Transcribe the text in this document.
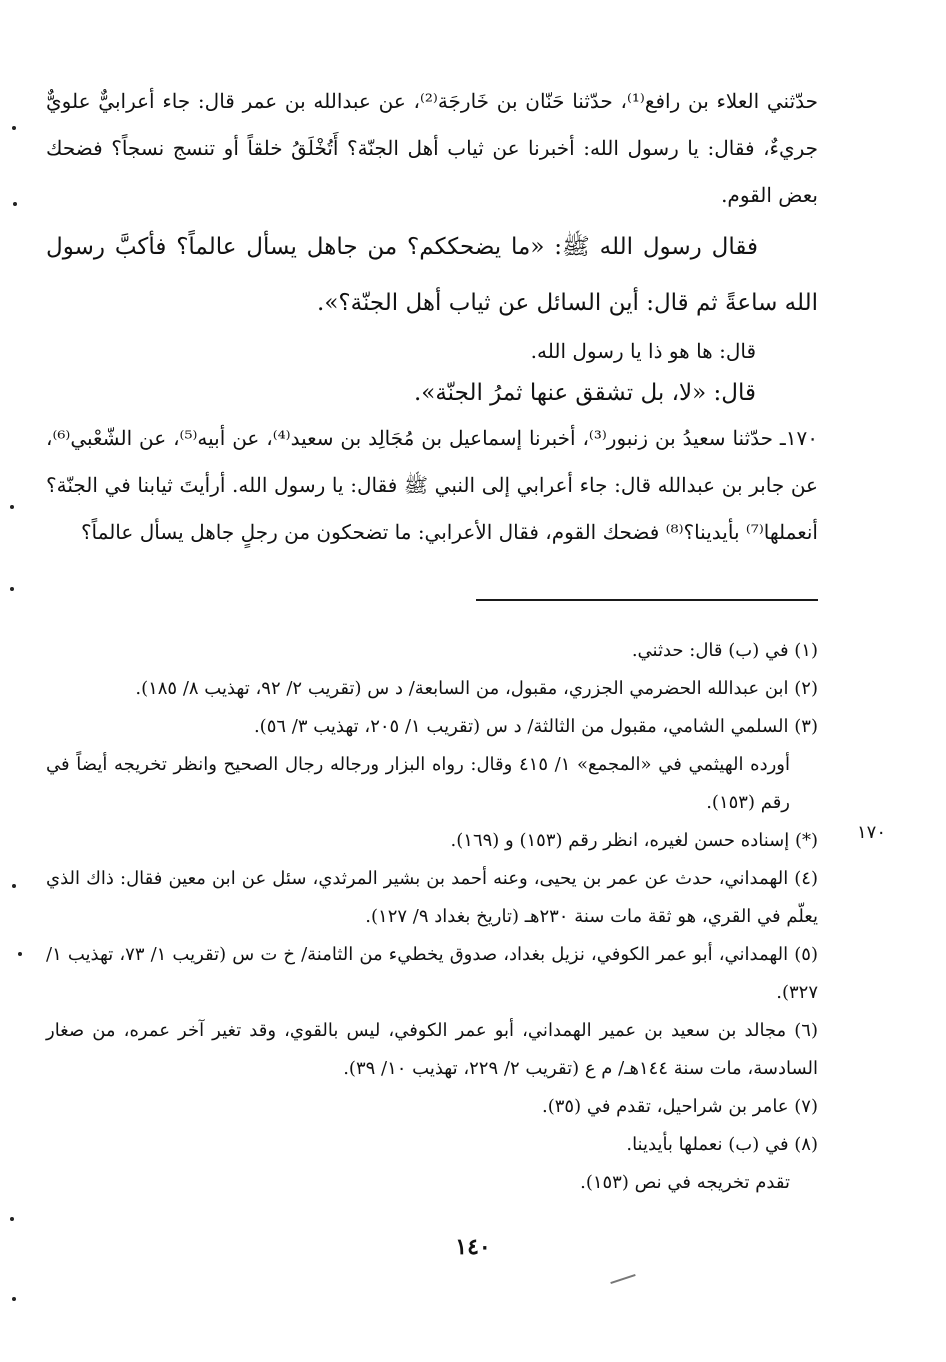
حدّثني العلاء بن رافع⁽¹⁾، حدّثنا حَنّان بن خَارجَة⁽²⁾، عن عبدالله بن عمر قال: جاء أعرابيٌّ علويٌّ جريءٌ، فقال: يا رسول الله: أخبرنا عن ثياب أهل الجنّة؟ أَتُخْلَقُ خلقاً أو تنسج نسجاً؟ فضحك بعض القوم.

فقال رسول الله ﷺ: «ما يضحككم؟ من جاهل يسأل عالماً؟ فأكبَّ رسول الله ساعةً ثم قال: أين السائل عن ثياب أهل الجنّة؟».

قال: ها هو ذا يا رسول الله.

قال: «لا، بل تشقق عنها ثمرُ الجنّة».

١٧٠ـ حدّثنا سعيدُ بن زنبور⁽³⁾، أخبرنا إسماعيل بن مُجَالِد بن سعيد⁽⁴⁾، عن أبيه⁽⁵⁾، عن الشّعْبي⁽⁶⁾، عن جابر بن عبدالله قال: جاء أعرابي إلى النبي ﷺ فقال: يا رسول الله. أرأيتَ ثيابنا في الجنّة؟ أنعملها⁽⁷⁾ بأيدينا؟⁽⁸⁾ فضحك القوم، فقال الأعرابي: ما تضحكون من رجلٍ جاهل يسأل عالماً؟

(١) في (ب) قال: حدثني.

(٢) ابن عبدالله الحضرمي الجزري، مقبول، من السابعة/ د س (تقريب ٢/ ٩٢، تهذيب ٨/ ١٨٥).

(٣) السلمي الشامي، مقبول من الثالثة/ د س (تقريب ١/ ٢٠٥، تهذيب ٣/ ٥٦).

أورده الهيثمي في «المجمع» ١/ ٤١٥ وقال: رواه البزار ورجاله رجال الصحيح وانظر تخريجه أيضاً في رقم (١٥٣).

(*) إسناده حسن لغيره، انظر رقم (١٥٣) و (١٦٩).

(٤) الهمداني، حدث عن عمر بن يحيى، وعنه أحمد بن بشير المرثدي، سئل عن ابن معين فقال: ذاك الذي يعلّم في القري، هو ثقة مات سنة ٢٣٠هـ (تاريخ بغداد ٩/ ١٢٧).

(٥) الهمداني، أبو عمر الكوفي، نزيل بغداد، صدوق يخطيء من الثامنة/ خ ت س (تقريب ١/ ٧٣، تهذيب ١/ ٣٢٧).

(٦) مجالد بن سعيد بن عمير الهمداني، أبو عمر الكوفي، ليس بالقوي، وقد تغير آخر عمره، من صغار السادسة، مات سنة ١٤٤هـ/ م ع (تقريب ٢/ ٢٢٩، تهذيب ١٠/ ٣٩).

(٧) عامر بن شراحيل، تقدم في (٣٥).

(٨) في (ب) نعملها بأيدينا.

تقدم تخريجه في نص (١٥٣).

١٧٠
١٤٠
